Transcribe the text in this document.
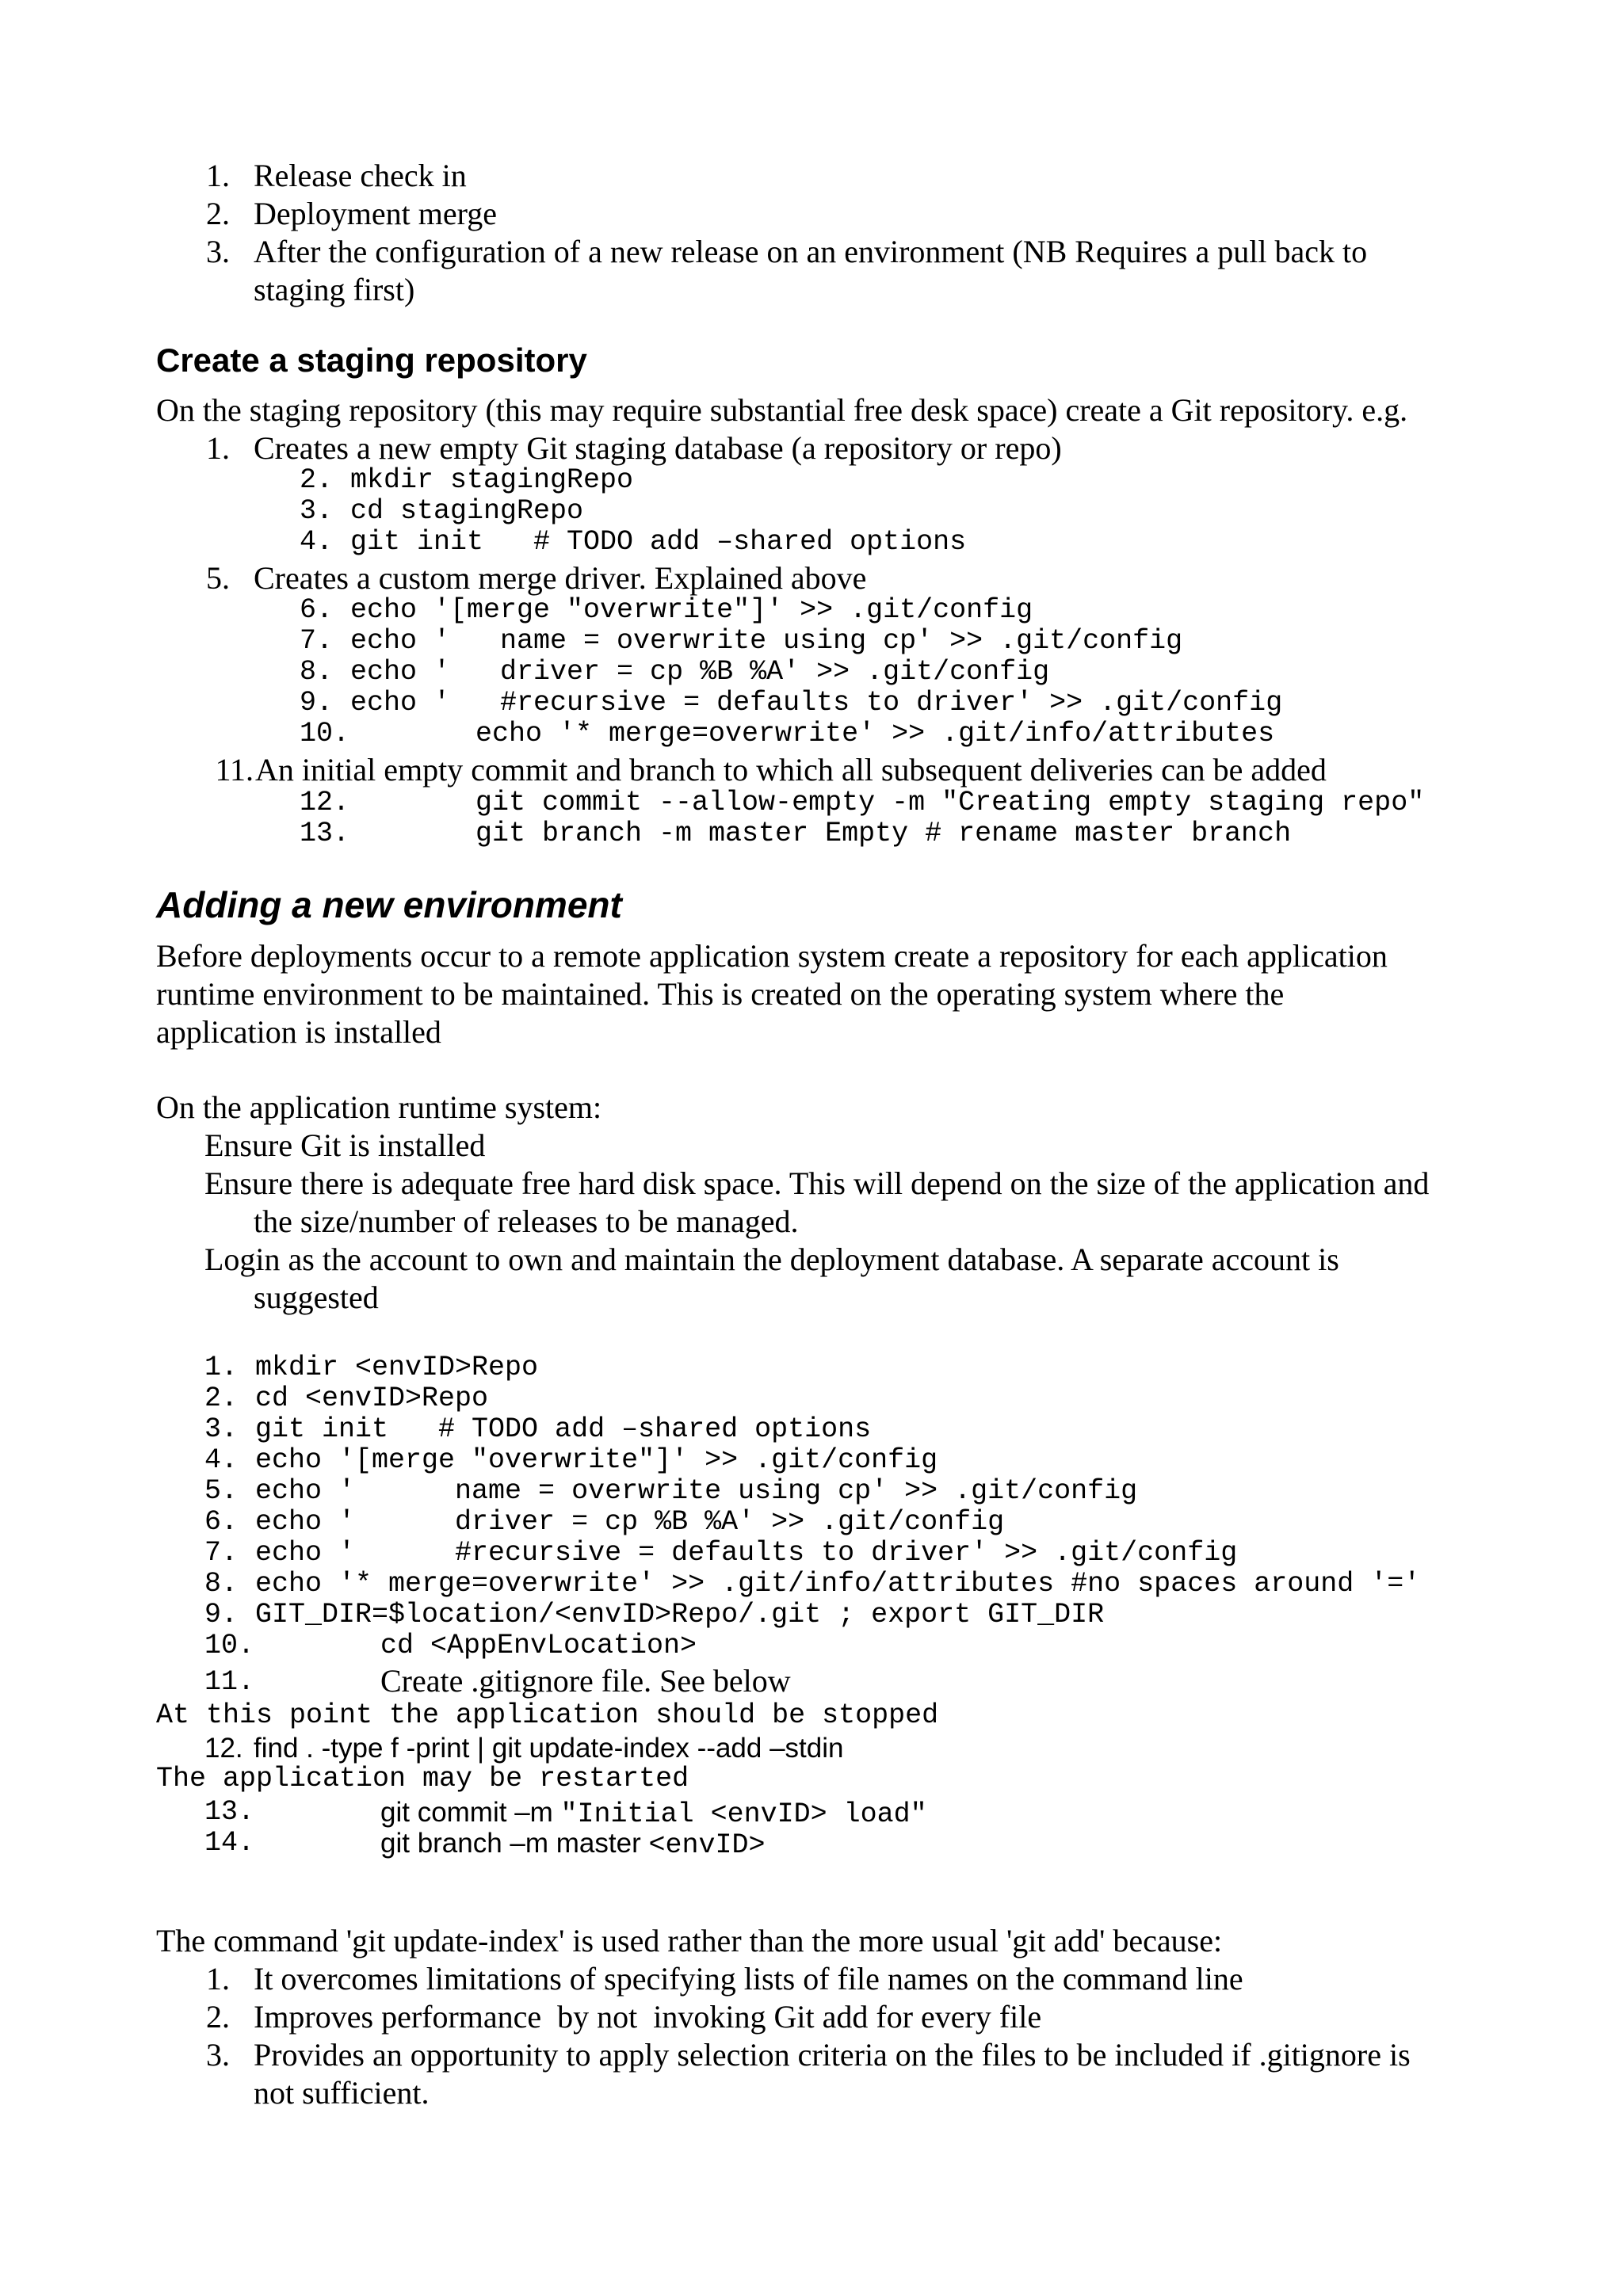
1. Release check in
2. Deployment merge
3. After the configuration of a new release on an environment (NB Requires a pull back to
staging first)
Create a staging repository
On the staging repository (this may require substantial free desk space) create a Git repository. e.g.
1. Creates a new empty Git staging database (a repository or repo)
2. mkdir stagingRepo
3. cd stagingRepo
4. git init   # TODO add –shared options
5. Creates a custom merge driver. Explained above
6. echo '[merge "overwrite"]' >> .git/config
7. echo '   name = overwrite using cp' >> .git/config
8. echo '   driver = cp %B %A' >> .git/config
9. echo '   #recursive = defaults to driver' >> .git/config
10.	echo '* merge=overwrite' >> .git/info/attributes
11. An initial empty commit and branch to which all subsequent deliveries can be added
12.	git commit --allow-empty -m "Creating empty staging repo"
13.	git branch -m master Empty # rename master branch
Adding a new environment
Before deployments occur to a remote application system create a repository for each application
runtime environment to be maintained. This is created on the operating system where the
application is installed
On the application runtime system:
Ensure Git is installed
Ensure there is adequate free hard disk space. This will depend on the size of the application and
the size/number of releases to be managed.
Login as the account to own and maintain the deployment database. A separate account is
suggested
1. mkdir <envID>Repo
2. cd <envID>Repo
3. git init   # TODO add –shared options
4. echo '[merge "overwrite"]' >> .git/config
5. echo '      name = overwrite using cp' >> .git/config
6. echo '      driver = cp %B %A' >> .git/config
7. echo '      #recursive = defaults to driver' >> .git/config
8. echo '* merge=overwrite' >> .git/info/attributes #no spaces around '='
9. GIT_DIR=$location/<envID>Repo/.git ; export GIT_DIR
10.	cd <AppEnvLocation>
11.	Create .gitignore file. See below
At this point the application should be stopped
12. find . -type f -print | git update-index --add –stdin
The application may be restarted
13.	git commit –m "Initial <envID> load"
14.	git branch –m master <envID>
The command 'git update-index' is used rather than the more usual 'git add' because:
1. It overcomes limitations of specifying lists of file names on the command line
2. Improves performance  by not  invoking Git add for every file
3. Provides an opportunity to apply selection criteria on the files to be included if .gitignore is
not sufficient.
